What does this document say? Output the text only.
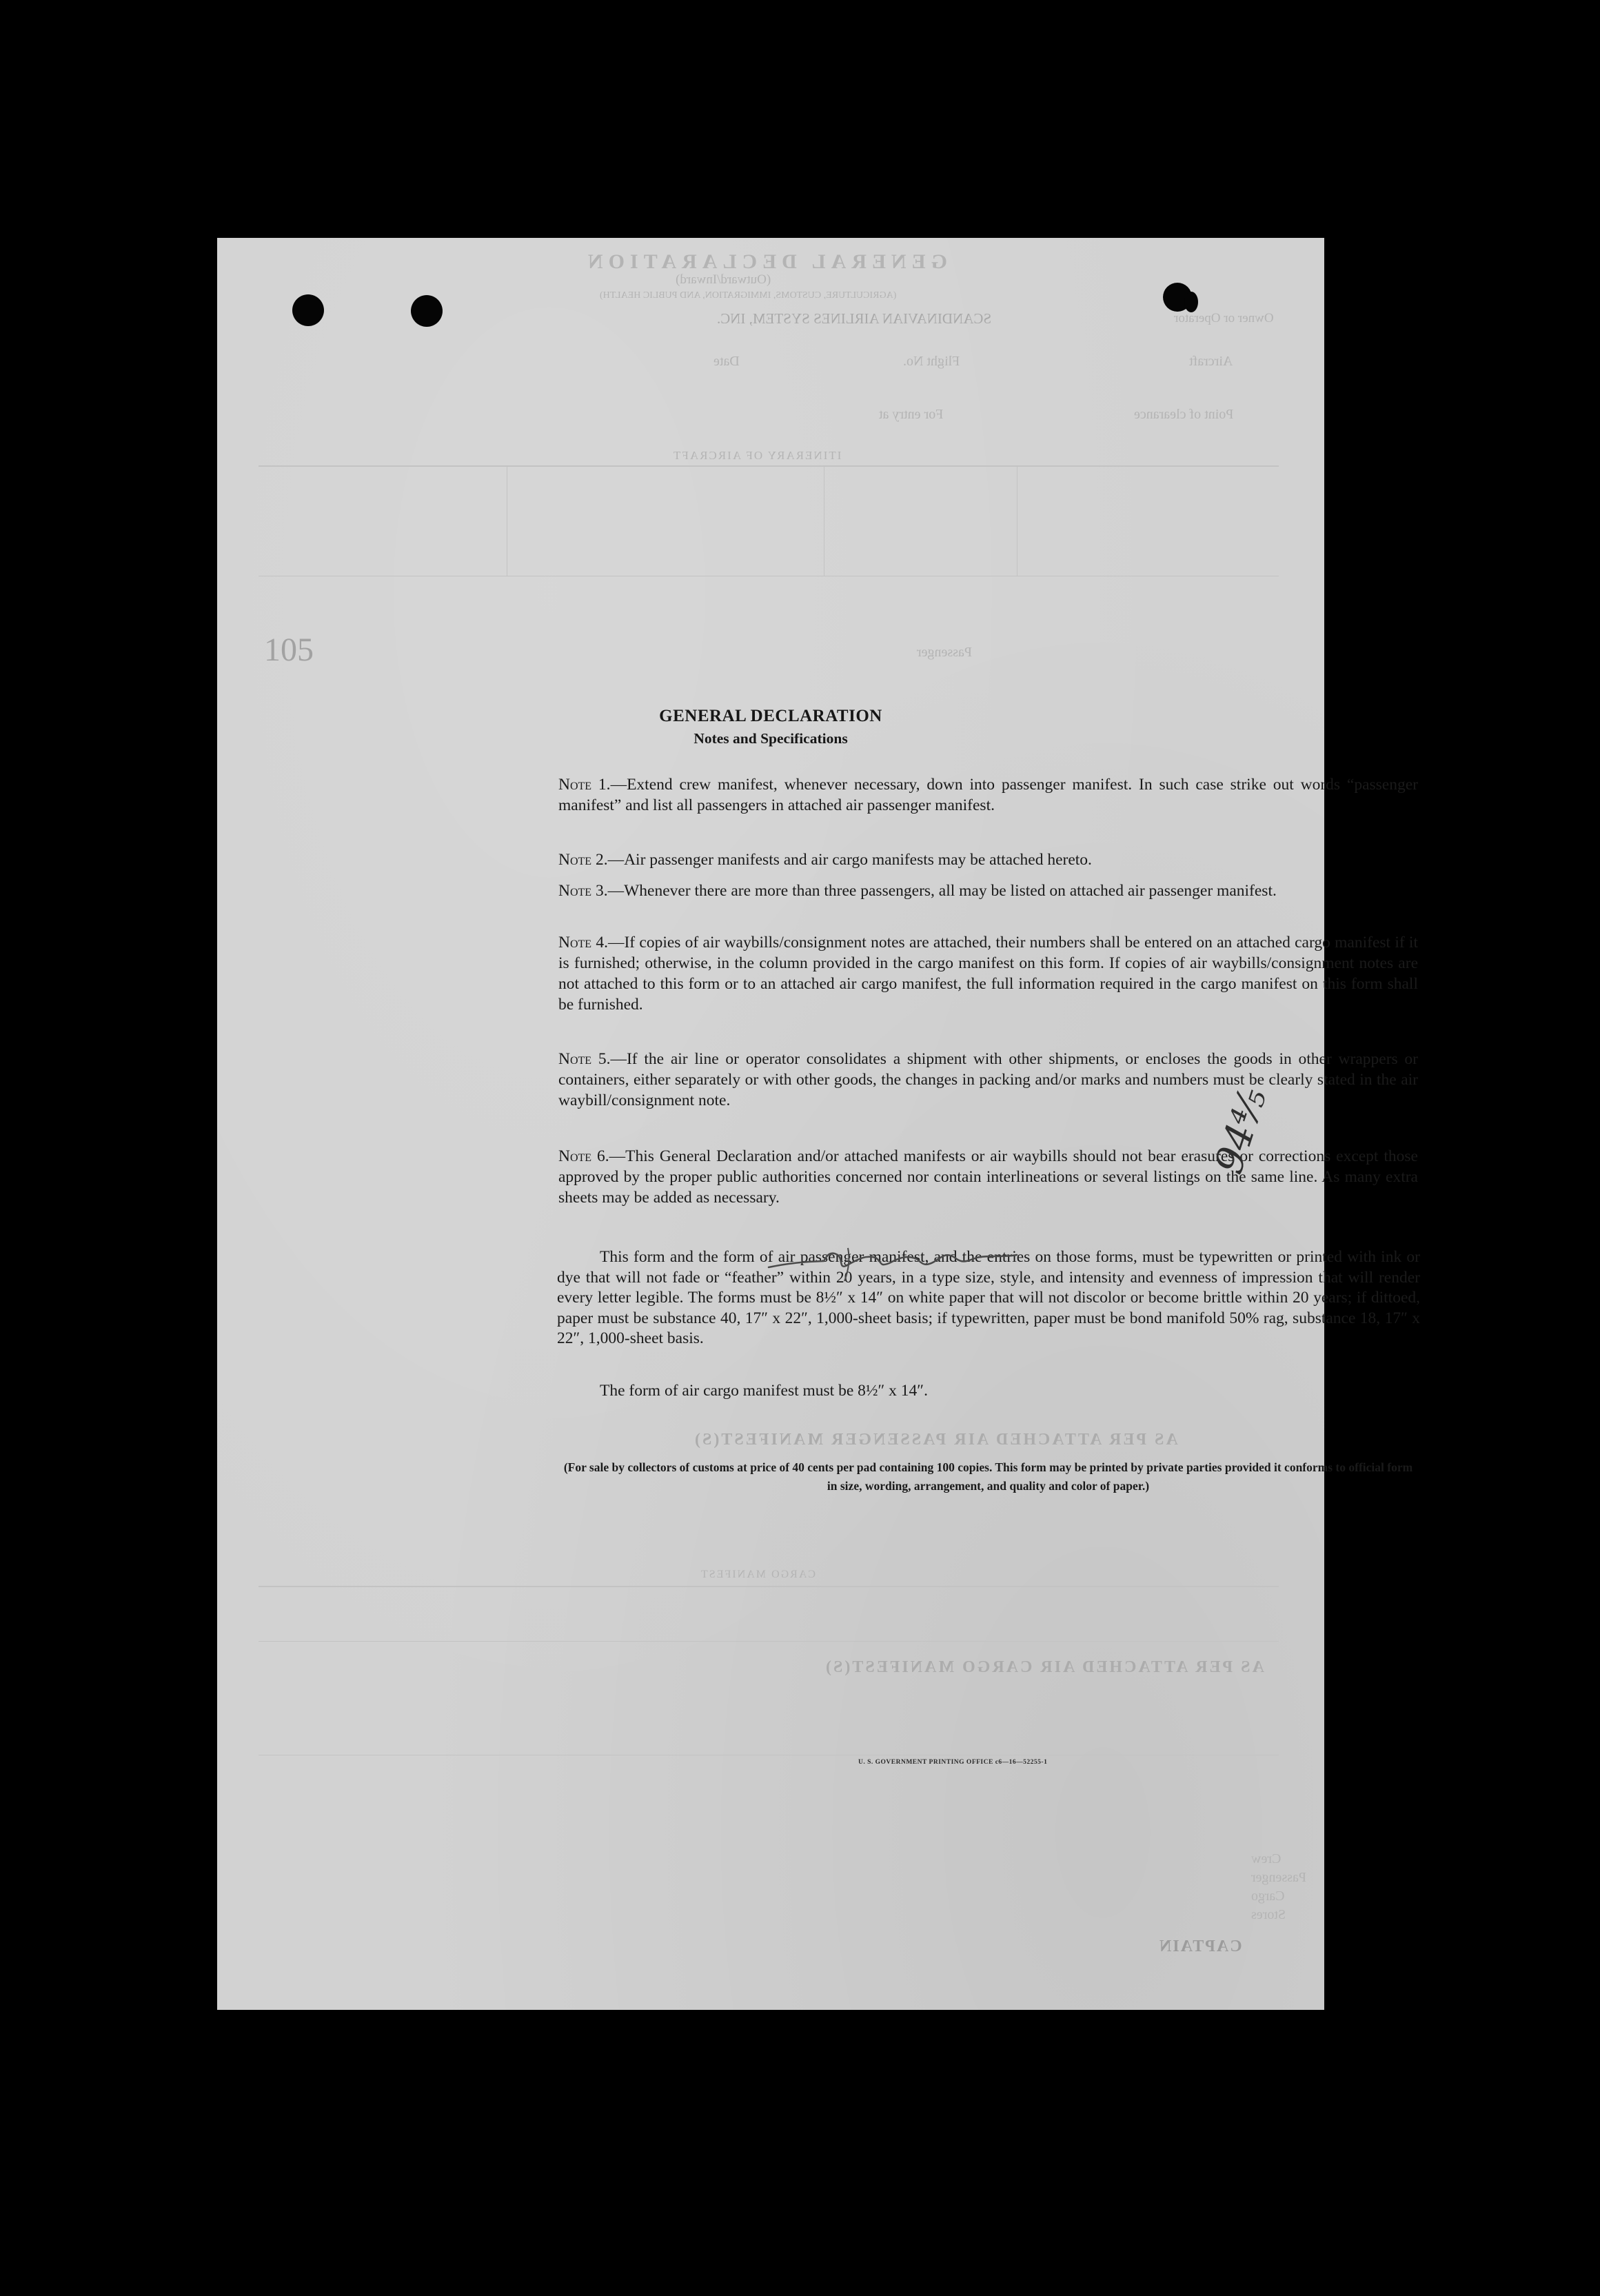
GENERAL DECLARATION
(Outward/Inward)
(AGRICULTURE, CUSTOMS, IMMIGRATION, AND PUBLIC HEALTH)
SCANDINAVIAN AIRLINES SYSTEM, INC.	Owner or Operator
Aircraft
Flight No.
Date
Point of clearance
For entry at
ITINERARY OF AIRCRAFT
105	Passenger
AS PER ATTACHED AIR PASSENGER MANIFEST(S)
CARGO MANIFEST
AS PER ATTACHED AIR CARGO MANIFEST(S)
Crew
Passenger
Cargo
Stores
CAPTAIN
GENERAL DECLARATION
Notes and Specifications
Note 1.—Extend crew manifest, whenever necessary, down into passenger manifest. In such case strike out words “passenger manifest” and list all passengers in attached air passenger manifest.
Note 2.—Air passenger manifests and air cargo manifests may be attached hereto.
Note 3.—Whenever there are more than three passengers, all may be listed on attached air passenger manifest.
Note 4.—If copies of air waybills/consignment notes are attached, their numbers shall be entered on an attached cargo manifest if it is furnished; otherwise, in the column provided in the cargo manifest on this form. If copies of air waybills/consignment notes are not attached to this form or to an attached air cargo manifest, the full information required in the cargo manifest on this form shall be furnished.
Note 5.—If the air line or operator consolidates a shipment with other shipments, or encloses the goods in other wrappers or containers, either separately or with other goods, the changes in packing and/or marks and numbers must be clearly stated in the air waybill/consignment note.
Note 6.—This General Declaration and/or attached manifests or air waybills should not bear erasures or corrections except those approved by the proper public authorities concerned nor contain interlineations or several listings on the same line. As many extra sheets may be added as necessary.
This form and the form of air passenger manifest, and the entries on those forms, must be typewritten or printed with ink or dye that will not fade or “feather” within 20 years, in a type size, style, and intensity and evenness of impression that will render every letter legible. The forms must be 8½″ x 14″ on white paper that will not discolor or become brittle within 20 years; if dittoed, paper must be substance 40, 17″ x 22″, 1,000-sheet basis; if typewritten, paper must be bond manifold 50% rag, substance 18, 17″ x 22″, 1,000-sheet basis.
The form of air cargo manifest must be 8½″ x 14″.
(For sale by collectors of customs at price of 40 cents per pad containing 100 copies. This form may be printed by private parties provided it conforms to official form in size, wording, arrangement, and quality and color of paper.)
U. S. GOVERNMENT PRINTING OFFICE c6—16—52255-1
94⅘
